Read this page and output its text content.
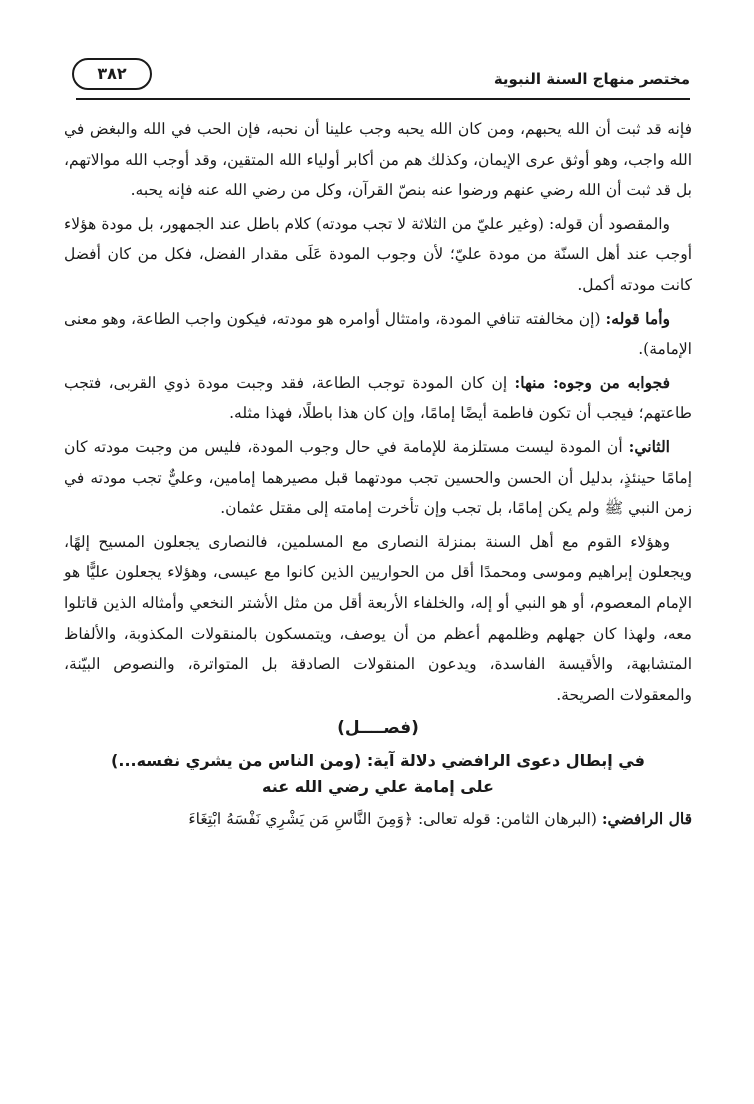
مختصر منهاج السنة النبوية
٣٨٢

فإنه قد ثبت أن الله يحبهم، ومن كان الله يحبه وجب علينا أن نحبه، فإن الحب في الله والبغض في الله واجب، وهو أوثق عرى الإيمان، وكذلك هم من أكابر أولياء الله المتقين، وقد أوجب الله موالاتهم، بل قد ثبت أن الله رضي عنهم ورضوا عنه بنصّ القرآن، وكل من رضي الله عنه فإنه يحبه.

والمقصود أن قوله: (وغير عليّ من الثلاثة لا تجب مودته) كلام باطل عند الجمهور، بل مودة هؤلاء أوجب عند أهل السنّة من مودة عليّ؛ لأن وجوب المودة عَلَى مقدار الفضل، فكل من كان أفضل كانت مودته أكمل.

وأما قوله: (إن مخالفته تنافي المودة، وامتثال أوامره هو مودته، فيكون واجب الطاعة، وهو معنى الإمامة).

فجوابه من وجوه: منها: إن كان المودة توجب الطاعة، فقد وجبت مودة ذوي القربى، فتجب طاعتهم؛ فيجب أن تكون فاطمة أيضًا إمامًا، وإن كان هذا باطلًا، فهذا مثله.

الثاني: أن المودة ليست مستلزمة للإمامة في حال وجوب المودة، فليس من وجبت مودته كان إمامًا حينئذٍ، بدليل أن الحسن والحسين تجب مودتهما قبل مصيرهما إمامين، وعليٌّ تجب مودته في زمن النبي ﷺ ولم يكن إمامًا، بل تجب وإن تأخرت إمامته إلى مقتل عثمان.

وهؤلاء القوم مع أهل السنة بمنزلة النصارى مع المسلمين، فالنصارى يجعلون المسيح إلهًا، ويجعلون إبراهيم وموسى ومحمدًا أقل من الحواريين الذين كانوا مع عيسى، وهؤلاء يجعلون عليًّا هو الإمام المعصوم، أو هو النبي أو إله، والخلفاء الأربعة أقل من مثل الأشتر النخعي وأمثاله الذين قاتلوا معه، ولهذا كان جهلهم وظلمهم أعظم من أن يوصف، ويتمسكون بالمنقولات المكذوبة، والألفاظ المتشابهة، والأقيسة الفاسدة، ويدعون المنقولات الصادقة بل المتواترة، والنصوص البيّنة، والمعقولات الصريحة.

(فصــــل)
في إبطال دعوى الرافضي دلالة آية: (ومن الناس من يشري نفسه...)
على إمامة علي رضي الله عنه

قال الرافضي: (البرهان الثامن: قوله تعالى: ﴿وَمِنَ النَّاسِ مَن يَشْرِي نَفْسَهُ ابْتِغَاءَ
